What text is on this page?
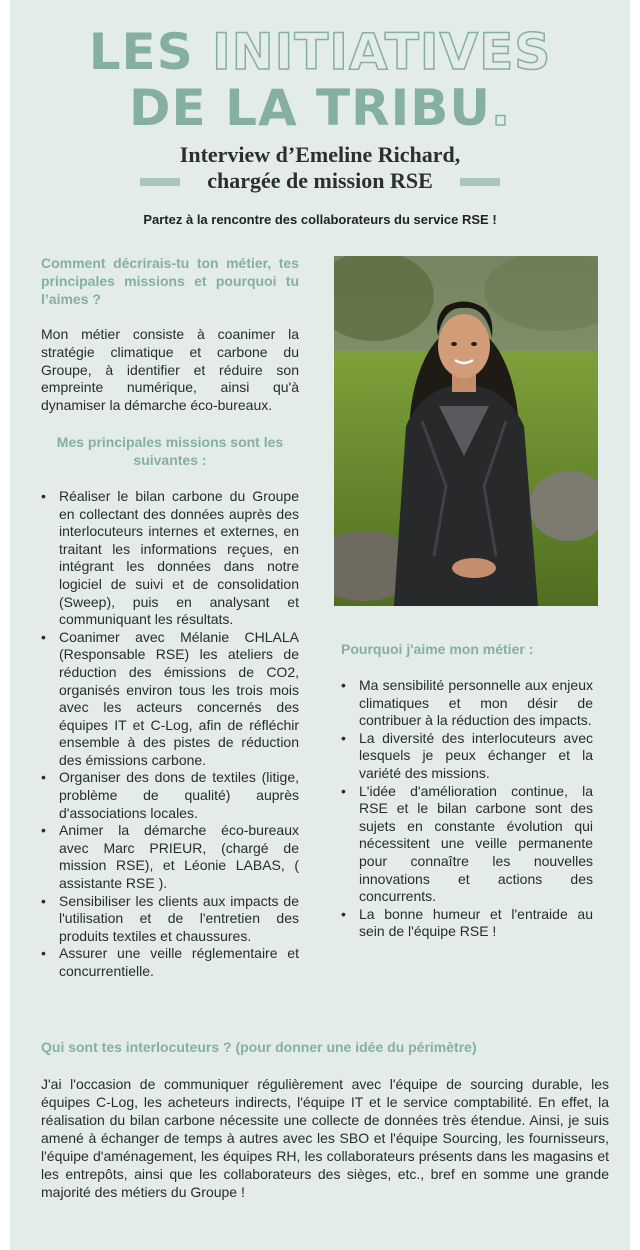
LES INITIATIVES
DE LA TRIBU.
Interview d’Emeline Richard,
chargée de mission RSE
Partez à la rencontre des collaborateurs du service RSE !
Comment décrirais-tu ton métier, tes principales missions et pourquoi tu l’aimes ?

Mon métier consiste à coanimer la stratégie climatique et carbone du Groupe, à identifier et réduire son empreinte numérique, ainsi qu'à dynamiser la démarche éco-bureaux.

Mes principales missions sont les suivantes :
• Réaliser le bilan carbone du Groupe en collectant des données auprès des interlocuteurs internes et externes, en traitant les informations reçues, en intégrant les données dans notre logiciel de suivi et de consolidation (Sweep), puis en analysant et communiquant les résultats.
• Coanimer avec Mélanie CHLALA (Responsable RSE) les ateliers de réduction des émissions de CO2, organisés environ tous les trois mois avec les acteurs concernés des équipes IT et C-Log, afin de réfléchir ensemble à des pistes de réduction des émissions carbone.
• Organiser des dons de textiles (litige, problème de qualité) auprès d'associations locales.
• Animer la démarche éco-bureaux avec Marc PRIEUR, (chargé de mission RSE), et Léonie LABAS, ( assistante RSE ).
• Sensibiliser les clients aux impacts de l'utilisation et de l'entretien des produits textiles et chaussures.
• Assurer une veille réglementaire et concurrentielle.
Pourquoi j'aime mon métier :
• Ma sensibilité personnelle aux enjeux climatiques et mon désir de contribuer à la réduction des impacts.
• La diversité des interlocuteurs avec lesquels je peux échanger et la variété des missions.
• L'idée d'amélioration continue, la RSE et le bilan carbone sont des sujets en constante évolution qui nécessitent une veille permanente pour connaître les nouvelles innovations et actions des concurrents.
• La bonne humeur et l'entraide au sein de l'équipe RSE !
Qui sont tes interlocuteurs ? (pour donner une idée du périmètre)

J'ai l'occasion de communiquer régulièrement avec l'équipe de sourcing durable, les équipes C-Log, les acheteurs indirects, l'équipe IT et le service comptabilité. En effet, la réalisation du bilan carbone nécessite une collecte de données très étendue. Ainsi, je suis amené à échanger de temps à autres avec les SBO et l'équipe Sourcing, les fournisseurs, l'équipe d'aménagement, les équipes RH, les collaborateurs présents dans les magasins et les entrepôts, ainsi que les collaborateurs des sièges, etc., bref en somme une grande majorité des métiers du Groupe !
